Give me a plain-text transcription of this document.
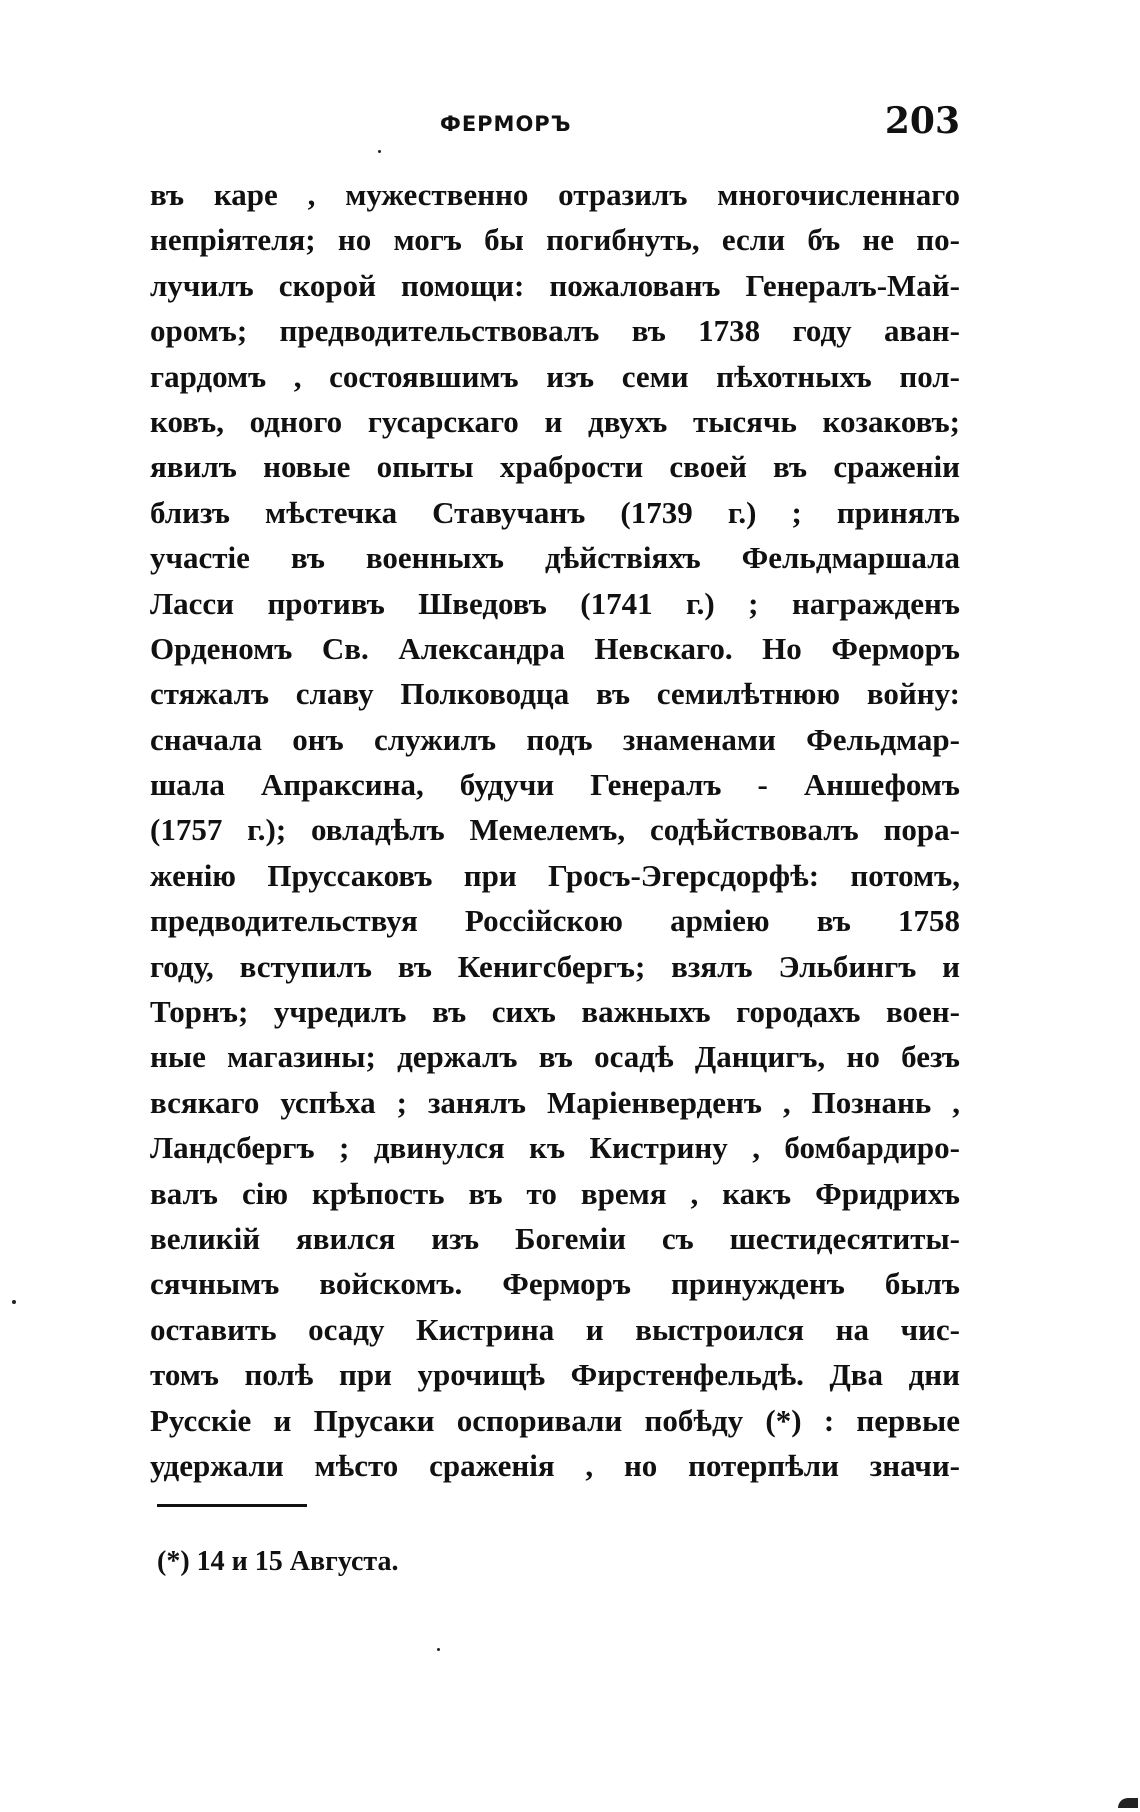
ФЕРМОРЪ	203
въ каре , мужественно отразилъ многочисленнаго
непріятеля; но могъ бы погибнуть, если бъ не по-
лучилъ скорой помощи: пожалованъ Генералъ-Май-
оромъ; предводительствовалъ въ 1738 году аван-
гардомъ , состоявшимъ изъ семи пѣхотныхъ пол-
ковъ, одного гусарскаго и двухъ тысячь козаковъ;
явилъ новые опыты храбрости своей въ сраженіи
близъ мѣстечка Ставучанъ (1739 г.) ; принялъ
участіе въ военныхъ дѣйствіяхъ Фельдмаршала
Ласси противъ Шведовъ (1741 г.) ; награжденъ
Орденомъ Св. Александра Невскаго. Но Ферморъ
стяжалъ славу Полководца въ семилѣтнюю войну:
сначала онъ служилъ подъ знаменами Фельдмар-
шала Апраксина, будучи Генералъ - Аншефомъ
(1757 г.); овладѣлъ Мемелемъ, содѣйствовалъ пора-
женію Пруссаковъ при Гросъ-Эгерсдорфѣ: потомъ,
предводительствуя Россійскою арміею въ 1758
году, вступилъ въ Кенигсбергъ; взялъ Эльбингъ и
Торнъ; учредилъ въ сихъ важныхъ городахъ воен-
ные магазины; держалъ въ осадѣ Данцигъ, но безъ
всякаго успѣха ; занялъ Маріенверденъ , Познань ,
Ландсбергъ ; двинулся къ Кистрину , бомбардиро-
валъ сію крѣпость въ то время , какъ Фридрихъ
великій явился изъ Богеміи съ шестидесятиты-
сячнымъ войскомъ. Ферморъ принужденъ былъ
оставить осаду Кистрина и выстроился на чис-
томъ полѣ при урочищѣ Фирстенфельдѣ. Два дни
Русскіе и Прусаки оспоривали побѣду (*) : первые
удержали мѣсто сраженія , но потерпѣли значи-
(*) 14 и 15 Августа.
